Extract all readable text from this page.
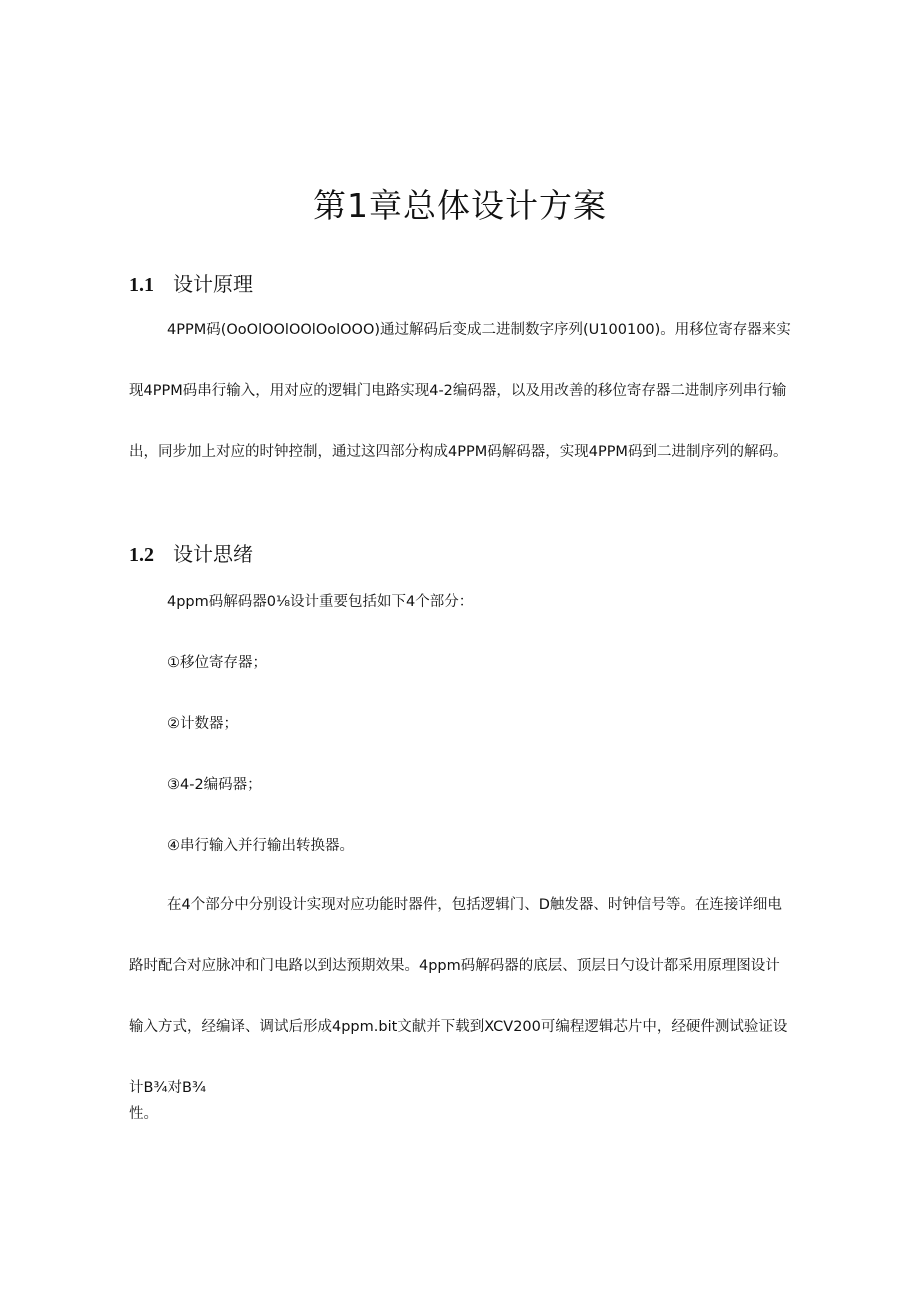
第1章总体设计方案
1.1 设计原理

4PPM码(OoOlOOlOOlOolOOO)通过解码后变成二进制数字序列(U100100)。用移位寄存器来实现4PPM码串行输入，用对应的逻辑门电路实现4-2编码器，以及用改善的移位寄存器二进制序列串行输出，同步加上对应的时钟控制，通过这四部分构成4PPM码解码器，实现4PPM码到二进制序列的解码。

1.2 设计思绪

4ppm码解码器0⅛设计重要包括如下4个部分：

①移位寄存器；

②计数器；

③4-2编码器；

④串行输入并行输出转换器。

在4个部分中分别设计实现对应功能时器件，包括逻辑门、D触发器、时钟信号等。在连接详细电路时配合对应脉冲和门电路以到达预期效果。4ppm码解码器的底层、顶层日勺设计都采用原理图设计输入方式，经编译、调试后形成4ppm.bit文献并下载到XCV200可编程逻辑芯片中，经硬件测试验证设计B¾对B¾

性。
